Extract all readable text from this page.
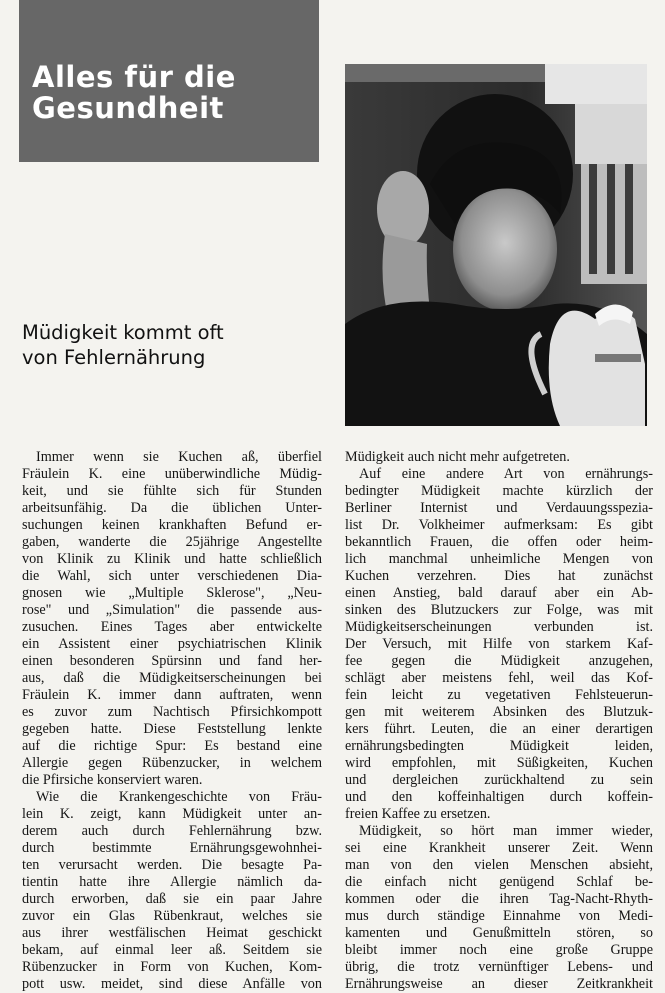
Alles für die
Gesundheit
Müdigkeit kommt oft
von Fehlernährung
Immer wenn sie Kuchen aß, überfiel
Fräulein K. eine unüberwindliche Müdig-
keit, und sie fühlte sich für Stunden
arbeitsunfähig. Da die üblichen Unter-
suchungen keinen krankhaften Befund er-
gaben, wanderte die 25jährige Angestellte
von Klinik zu Klinik und hatte schließlich
die Wahl, sich unter verschiedenen Dia-
gnosen wie „Multiple Sklerose", „Neu-
rose" und „Simulation" die passende aus-
zusuchen. Eines Tages aber entwickelte
ein Assistent einer psychiatrischen Klinik
einen besonderen Spürsinn und fand her-
aus, daß die Müdigkeitserscheinungen bei
Fräulein K. immer dann auftraten, wenn
es zuvor zum Nachtisch Pfirsichkompott
gegeben hatte. Diese Feststellung lenkte
auf die richtige Spur: Es bestand eine
Allergie gegen Rübenzucker, in welchem
die Pfirsiche konserviert waren.
Wie die Krankengeschichte von Fräu-
lein K. zeigt, kann Müdigkeit unter an-
derem auch durch Fehlernährung bzw.
durch bestimmte Ernährungsgewohnhei-
ten verursacht werden. Die besagte Pa-
tientin hatte ihre Allergie nämlich da-
durch erworben, daß sie ein paar Jahre
zuvor ein Glas Rübenkraut, welches sie
aus ihrer westfälischen Heimat geschickt
bekam, auf einmal leer aß. Seitdem sie
Rübenzucker in Form von Kuchen, Kom-
pott usw. meidet, sind diese Anfälle von
Müdigkeit auch nicht mehr aufgetreten.
Auf eine andere Art von ernährungs-
bedingter Müdigkeit machte kürzlich der
Berliner Internist und Verdauungsspezia-
list Dr. Volkheimer aufmerksam: Es gibt
bekanntlich Frauen, die offen oder heim-
lich manchmal unheimliche Mengen von
Kuchen verzehren. Dies hat zunächst
einen Anstieg, bald darauf aber ein Ab-
sinken des Blutzuckers zur Folge, was mit
Müdigkeitserscheinungen verbunden ist.
Der Versuch, mit Hilfe von starkem Kaf-
fee gegen die Müdigkeit anzugehen,
schlägt aber meistens fehl, weil das Kof-
fein leicht zu vegetativen Fehlsteuerun-
gen mit weiterem Absinken des Blutzuk-
kers führt. Leuten, die an einer derartigen
ernährungsbedingten Müdigkeit leiden,
wird empfohlen, mit Süßigkeiten, Kuchen
und dergleichen zurückhaltend zu sein
und den koffeinhaltigen durch koffein-
freien Kaffee zu ersetzen.
Müdigkeit, so hört man immer wieder,
sei eine Krankheit unserer Zeit. Wenn
man von den vielen Menschen absieht,
die einfach nicht genügend Schlaf be-
kommen oder die ihren Tag-Nacht-Rhyth-
mus durch ständige Einnahme von Medi-
kamenten und Genußmitteln stören, so
bleibt immer noch eine große Gruppe
übrig, die trotz vernünftiger Lebens- und
Ernährungsweise an dieser Zeitkrankheit
